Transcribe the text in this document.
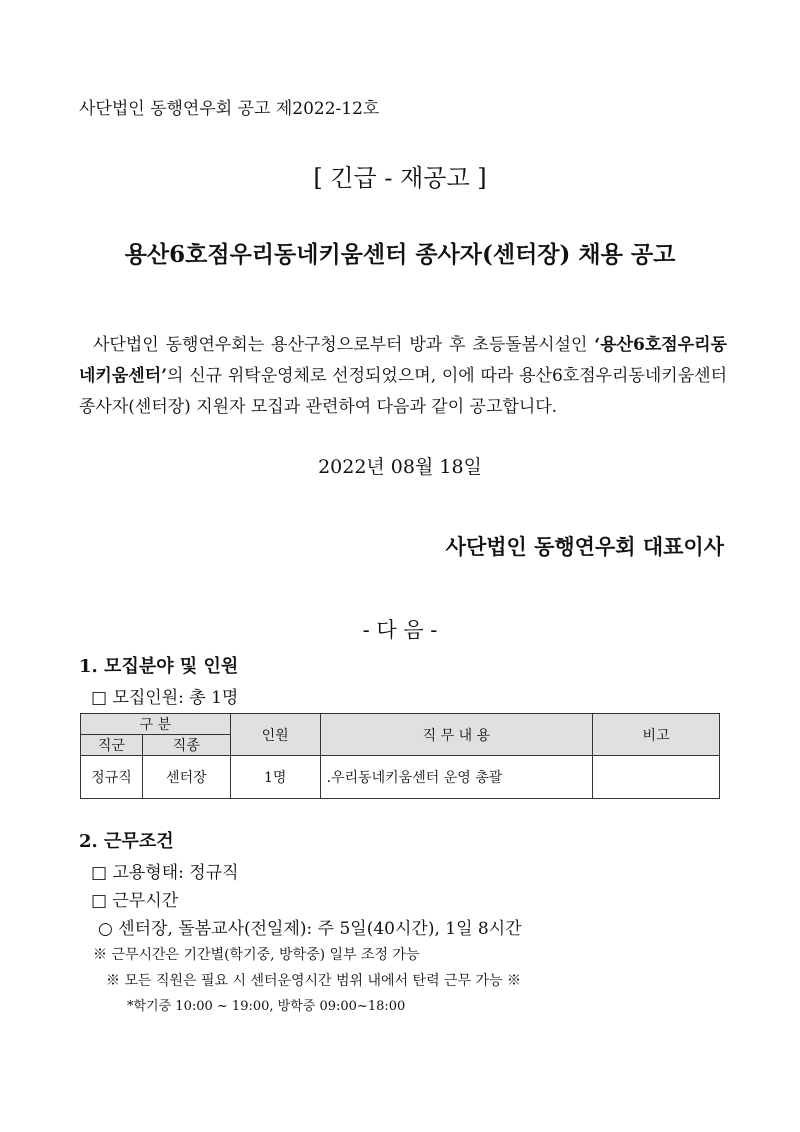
사단법인 동행연우회 공고 제2022-12호
[ 긴급 - 재공고 ]
용산6호점우리동네키움센터 종사자(센터장) 채용 공고
사단법인 동행연우회는 용산구청으로부터 방과 후 초등돌봄시설인 ‘용산6호점우리동네키움센터’의 신규 위탁운영체로 선정되었으며, 이에 따라 용산6호점우리동네키움센터 종사자(센터장) 지원자 모집과 관련하여 다음과 같이 공고합니다.
2022년 08월 18일
사단법인 동행연우회 대표이사
- 다 음 -
1. 모집분야 및 인원
□ 모집인원: 총 1명
구 분		인원	직 무 내 용	비고
직군	직종			
정규직	센터장	1명	.우리동네키움센터 운영 총괄	
2. 근무조건
□ 고용형태: 정규직
□ 근무시간
○ 센터장, 돌봄교사(전일제): 주 5일(40시간), 1일 8시간
※ 근무시간은 기간별(학기중, 방학중) 일부 조정 가능
※ 모든 직원은 필요 시 센터운영시간 범위 내에서 탄력 근무 가능 ※
*학기중 10:00 ~ 19:00, 방학중 09:00~18:00
